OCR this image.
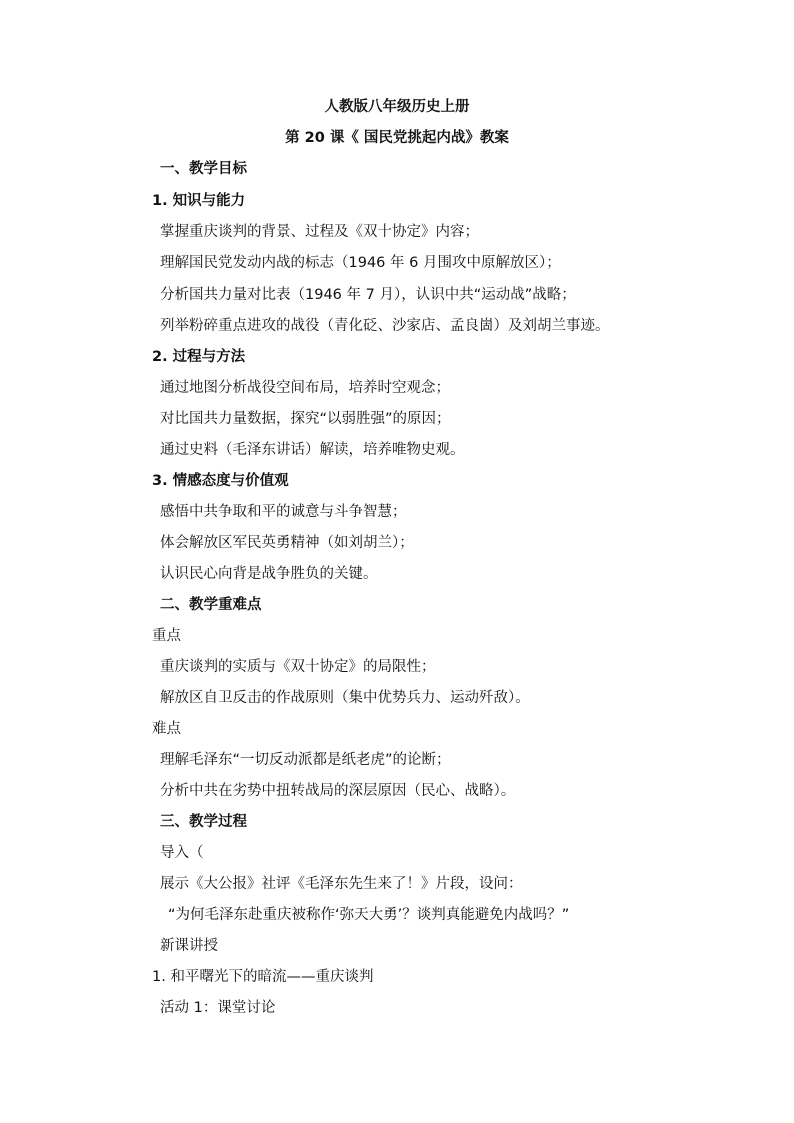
人教版八年级历史上册
第 20 课《 国民党挑起内战》教案
一、教学目标
1. 知识与能力
掌握重庆谈判的背景、过程及《双十协定》内容；
理解国民党发动内战的标志（1946 年 6 月围攻中原解放区）；
分析国共力量对比表（1946 年 7 月），认识中共“运动战”战略；
列举粉碎重点进攻的战役（青化砭、沙家店、孟良崮）及刘胡兰事迹。
2. 过程与方法
通过地图分析战役空间布局，培养时空观念；
对比国共力量数据，探究“以弱胜强”的原因；
通过史料（毛泽东讲话）解读，培养唯物史观。
3. 情感态度与价值观
感悟中共争取和平的诚意与斗争智慧；
体会解放区军民英勇精神（如刘胡兰）；
认识民心向背是战争胜负的关键。
二、教学重难点
重点
重庆谈判的实质与《双十协定》的局限性；
解放区自卫反击的作战原则（集中优势兵力、运动歼敌）。
难点
理解毛泽东“一切反动派都是纸老虎”的论断；
分析中共在劣势中扭转战局的深层原因（民心、战略）。
三、教学过程
导入（
展示《大公报》社评《毛泽东先生来了！》片段，设问：
“为何毛泽东赴重庆被称作‘弥天大勇’？谈判真能避免内战吗？”
新课讲授
1. 和平曙光下的暗流——重庆谈判
活动 1：课堂讨论
